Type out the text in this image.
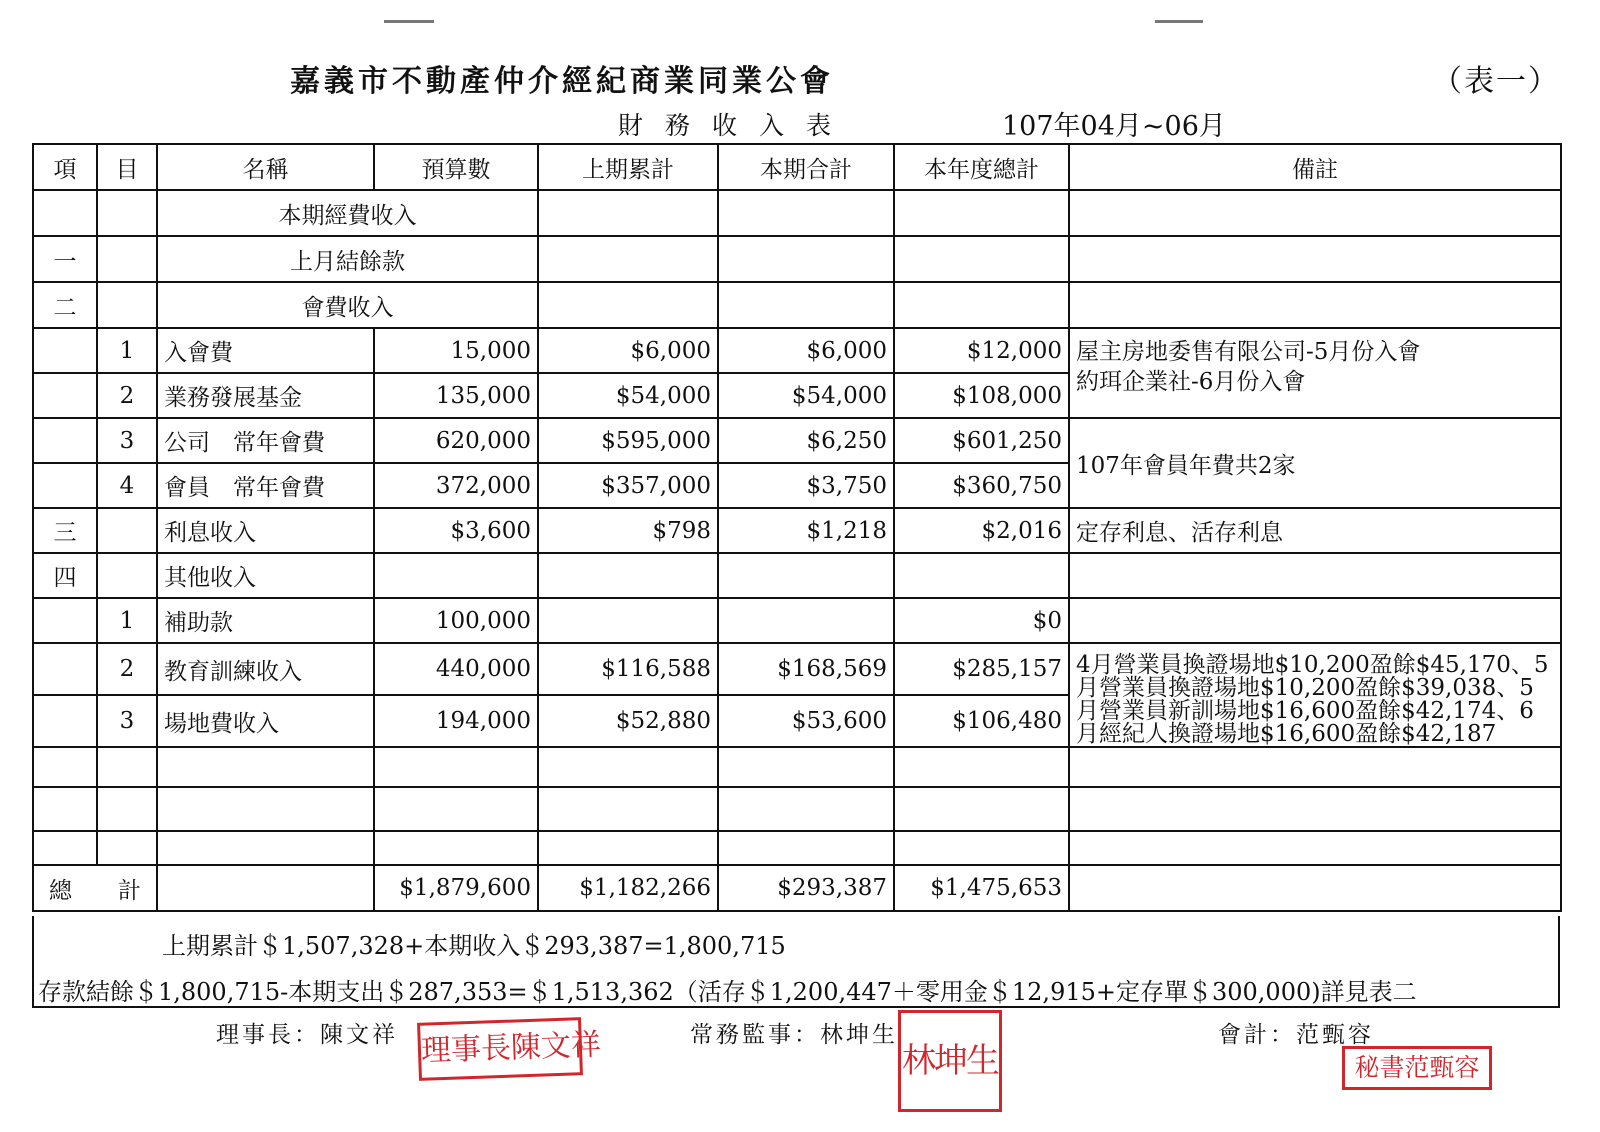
嘉義市不動產仲介經紀商業同業公會	（表一）
財務收入表	107年04月~06月
項	目	名稱	預算數	上期累計	本期合計	本年度總計	備註
		本期經費收入					
一		上月結餘款					
二		會費收入					
	1	入會費	15,000	$6,000	$6,000	$12,000	屋主房地委售有限公司-5月份入會
約珥企業社-6月份入會

	2	業務發展基金	135,000	$54,000	$54,000	$108,000	
	3	公司　常年會費	620,000	$595,000	$6,250	$601,250	107年會員年費共2家
	4	會員　常年會費	372,000	$357,000	$3,750	$360,750	
三		利息收入	$3,600	$798	$1,218	$2,016	定存利息、活存利息
四		其他收入					
	1	補助款	100,000			$0	
	2	教育訓練收入	440,000	$116,588	$168,569	$285,157	4月營業員換證場地$10,200盈餘$45,170、5月營業員換證場地$10,200盈餘$39,038、5月營業員新訓場地$16,600盈餘$42,174、6月經紀人換證場地$16,600盈餘$42,187
	3	場地費收入	194,000	$52,880	$53,600	$106,480	

總　　計			$1,879,600	$1,182,266	$293,387	$1,475,653	
上期累計＄1,507,328+本期收入＄293,387=1,800,715
存款結餘＄1,800,715-本期支出＄287,353=＄1,513,362（活存＄1,200,447＋零用金＄12,915+定存單＄300,000)詳見表二
理事長：陳文祥	常務監事：林坤生	會計：范甄容
理事長陳文祥	林坤生	秘書范甄容
